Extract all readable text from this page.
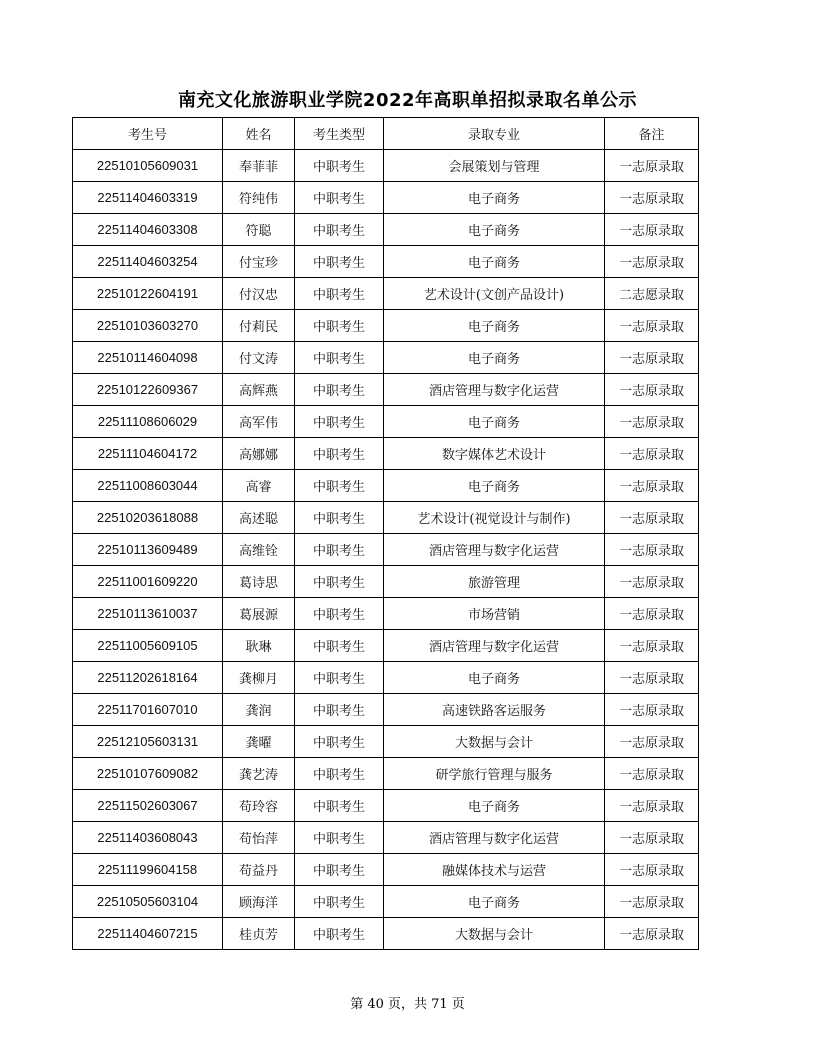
南充文化旅游职业学院2022年高职单招拟录取名单公示
考生号	姓名	考生类型	录取专业	备注
22510105609031	奉菲菲	中职考生	会展策划与管理	一志原录取
22511404603319	符纯伟	中职考生	电子商务	一志原录取
22511404603308	符聪	中职考生	电子商务	一志原录取
22511404603254	付宝珍	中职考生	电子商务	一志原录取
22510122604191	付汉忠	中职考生	艺术设计(文创产品设计)	二志愿录取
22510103603270	付莉民	中职考生	电子商务	一志原录取
22510114604098	付文涛	中职考生	电子商务	一志原录取
22510122609367	高辉燕	中职考生	酒店管理与数字化运营	一志原录取
22511108606029	高军伟	中职考生	电子商务	一志原录取
22511104604172	高娜娜	中职考生	数字媒体艺术设计	一志原录取
22511008603044	高睿	中职考生	电子商务	一志原录取
22510203618088	高述聪	中职考生	艺术设计(视觉设计与制作)	一志原录取
22510113609489	高维铨	中职考生	酒店管理与数字化运营	一志原录取
22511001609220	葛诗思	中职考生	旅游管理	一志原录取
22510113610037	葛展源	中职考生	市场营销	一志原录取
22511005609105	耿琳	中职考生	酒店管理与数字化运营	一志原录取
22511202618164	龚柳月	中职考生	电子商务	一志原录取
22511701607010	龚润	中职考生	高速铁路客运服务	一志原录取
22512105603131	龚曜	中职考生	大数据与会计	一志原录取
22510107609082	龚艺涛	中职考生	研学旅行管理与服务	一志原录取
22511502603067	苟玲容	中职考生	电子商务	一志原录取
22511403608043	苟怡萍	中职考生	酒店管理与数字化运营	一志原录取
22511199604158	苟益丹	中职考生	融媒体技术与运营	一志原录取
22510505603104	顾海洋	中职考生	电子商务	一志原录取
22511404607215	桂贞芳	中职考生	大数据与会计	一志原录取
第 40 页，共 71 页
